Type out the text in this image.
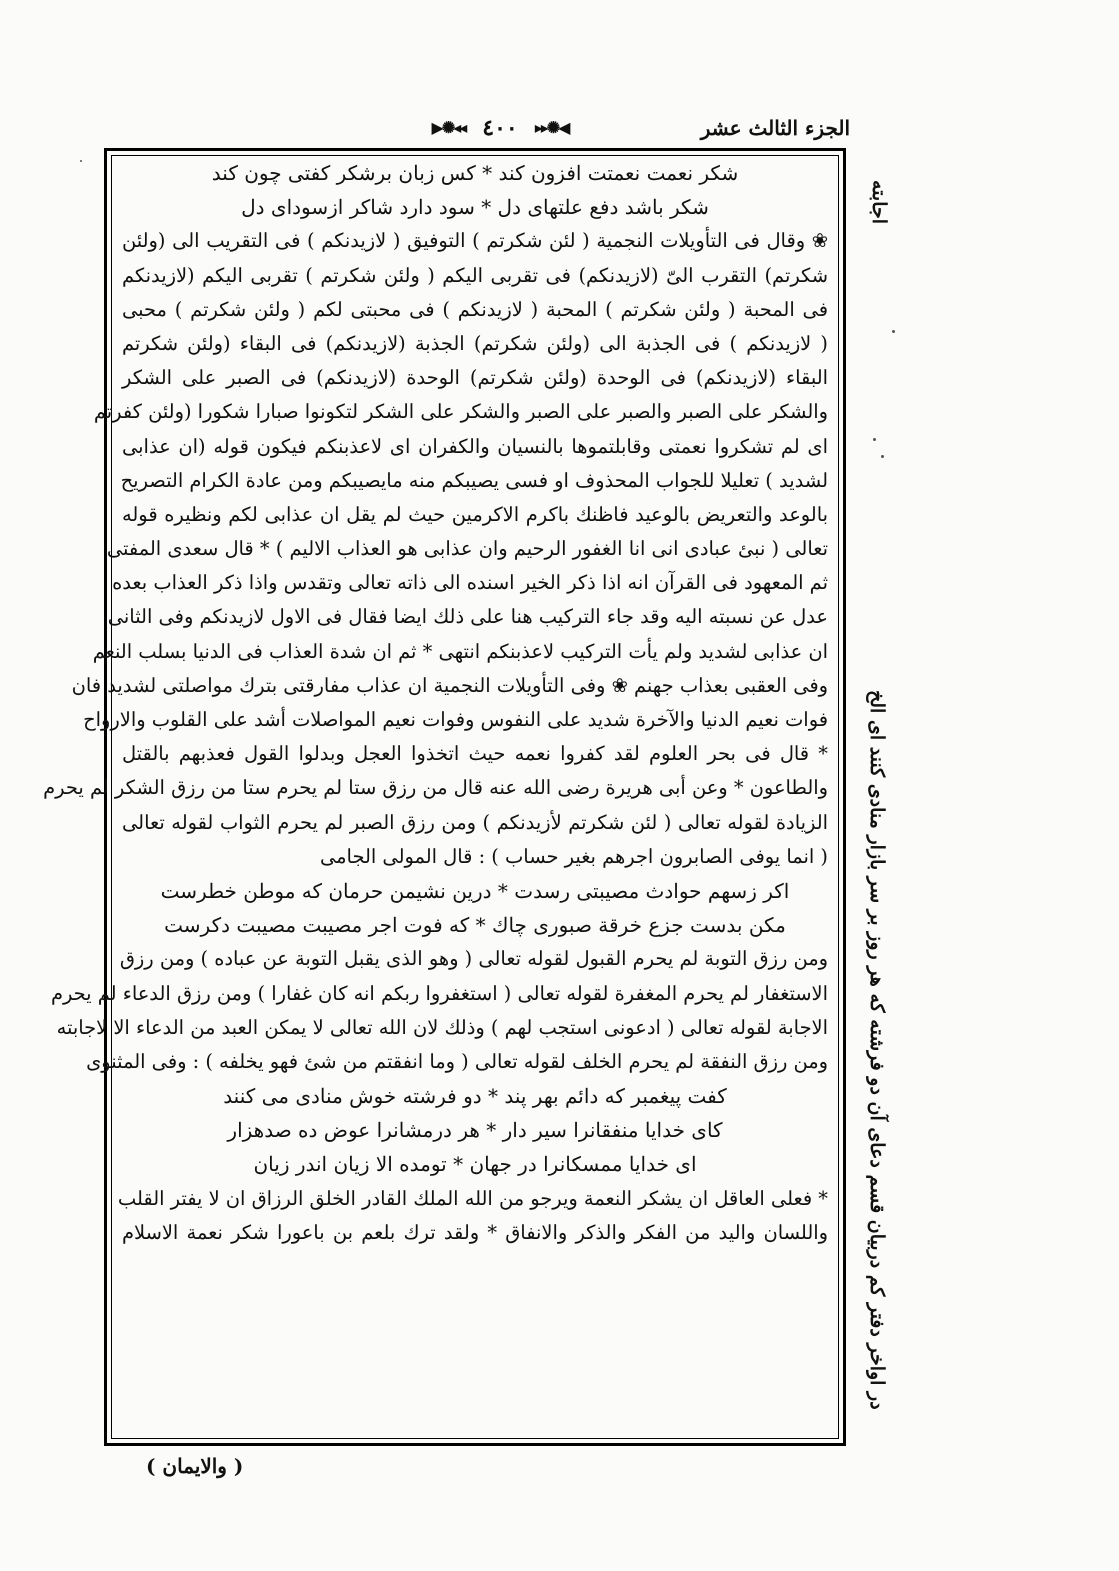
الجزء الثالث عشر
◀✺▸▸ ٤٠٠ ◂◂✺▶
شكر نعمت نعمتت افزون كند * كس زبان برشكر كفتى چون كند
شكر باشد دفع علتهاى دل * سود دارد شاكر ازسوداى دل
❀ وقال فى التأويلات النجمية ( لئن شكرتم ) التوفيق ( لازيدنكم ) فى التقريب الى (ولئن
شكرتم) التقرب الىّ (لازيدنكم) فى تقربى اليكم ( ولئن شكرتم ) تقربى اليكم (لازيدنكم
فى المحبة ( ولئن شكرتم ) المحبة ( لازيدنكم ) فى محبتى لكم ( ولئن شكرتم ) محبى
( لازيدنكم ) فى الجذبة الى (ولئن شكرتم) الجذبة (لازيدنكم) فى البقاء (ولئن شكرتم
البقاء (لازيدنكم) فى الوحدة (ولئن شكرتم) الوحدة (لازيدنكم) فى الصبر على الشكر
والشكر على الصبر والصبر على الصبر والشكر على الشكر لتكونوا صبارا شكورا (ولئن كفرتم
اى لم تشكروا نعمتى وقابلتموها بالنسيان والكفران اى لاعذبنكم فيكون قوله (ان عذابى
لشديد ) تعليلا للجواب المحذوف او فسى يصيبكم منه مايصيبكم ومن عادة الكرام التصريح
بالوعد والتعريض بالوعيد فاظنك باكرم الاكرمين حيث لم يقل ان عذابى لكم ونظيره قوله
تعالى ( نبئ عبادى انى انا الغفور الرحيم وان عذابى هو العذاب الاليم ) * قال سعدى المفتى
ثم المعهود فى القرآن انه اذا ذكر الخير اسنده الى ذاته تعالى وتقدس واذا ذكر العذاب بعده
عدل عن نسبته اليه وقد جاء التركيب هنا على ذلك ايضا فقال فى الاول لازيدنكم وفى الثانى
ان عذابى لشديد ولم يأت التركيب لاعذبنكم انتهى * ثم ان شدة العذاب فى الدنيا بسلب النعم
وفى العقبى بعذاب جهنم ❀ وفى التأويلات النجمية ان عذاب مفارقتى بترك مواصلتى لشديد فان
فوات نعيم الدنيا والآخرة شديد على النفوس وفوات نعيم المواصلات أشد على القلوب والارواح
* قال فى بحر العلوم لقد كفروا نعمه حيث اتخذوا العجل وبدلوا القول فعذبهم بالقتل
والطاعون * وعن أبى هريرة رضى الله عنه قال من رزق ستا لم يحرم ستا من رزق الشكر لم يحرم
الزيادة لقوله تعالى ( لئن شكرتم لأزيدنكم ) ومن رزق الصبر لم يحرم الثواب لقوله تعالى
( انما يوفى الصابرون اجرهم بغير حساب ) : قال المولى الجامى
اكر زسهم حوادث مصيبتى رسدت * درين نشيمن حرمان كه موطن خطرست
مكن بدست جزع خرقة صبورى چاك * كه فوت اجر مصيبت مصيبت دكرست
ومن رزق التوبة لم يحرم القبول لقوله تعالى ( وهو الذى يقبل التوبة عن عباده ) ومن رزق
الاستغفار لم يحرم المغفرة لقوله تعالى ( استغفروا ربكم انه كان غفارا ) ومن رزق الدعاء لم يحرم
الاجابة لقوله تعالى ( ادعونى استجب لهم ) وذلك لان الله تعالى لا يمكن العبد من الدعاء الا لاجابته
ومن رزق النفقة لم يحرم الخلف لقوله تعالى ( وما انفقتم من شئ فهو يخلفه ) : وفى المثنوى
كفت پيغمبر كه دائم بهر پند * دو فرشته خوش منادى مى كنند
كاى خدايا منفقانرا سير دار * هر درمشانرا عوض ده صدهزار
اى خدايا ممسكانرا در جهان * تومده الا زيان اندر زيان
* فعلى العاقل ان يشكر النعمة ويرجو من الله الملك القادر الخلق الرزاق ان لا يفتر القلب
واللسان واليد من الفكر والذكر والانفاق * ولقد ترك بلعم بن باعورا شكر نعمة الاسلام
( والايمان )
اجابته
در اواخر دفتر كم دربيان قسم دعاى آن دو فرشته كه هر روز بر سر بازار منادى كنند اى الخ
